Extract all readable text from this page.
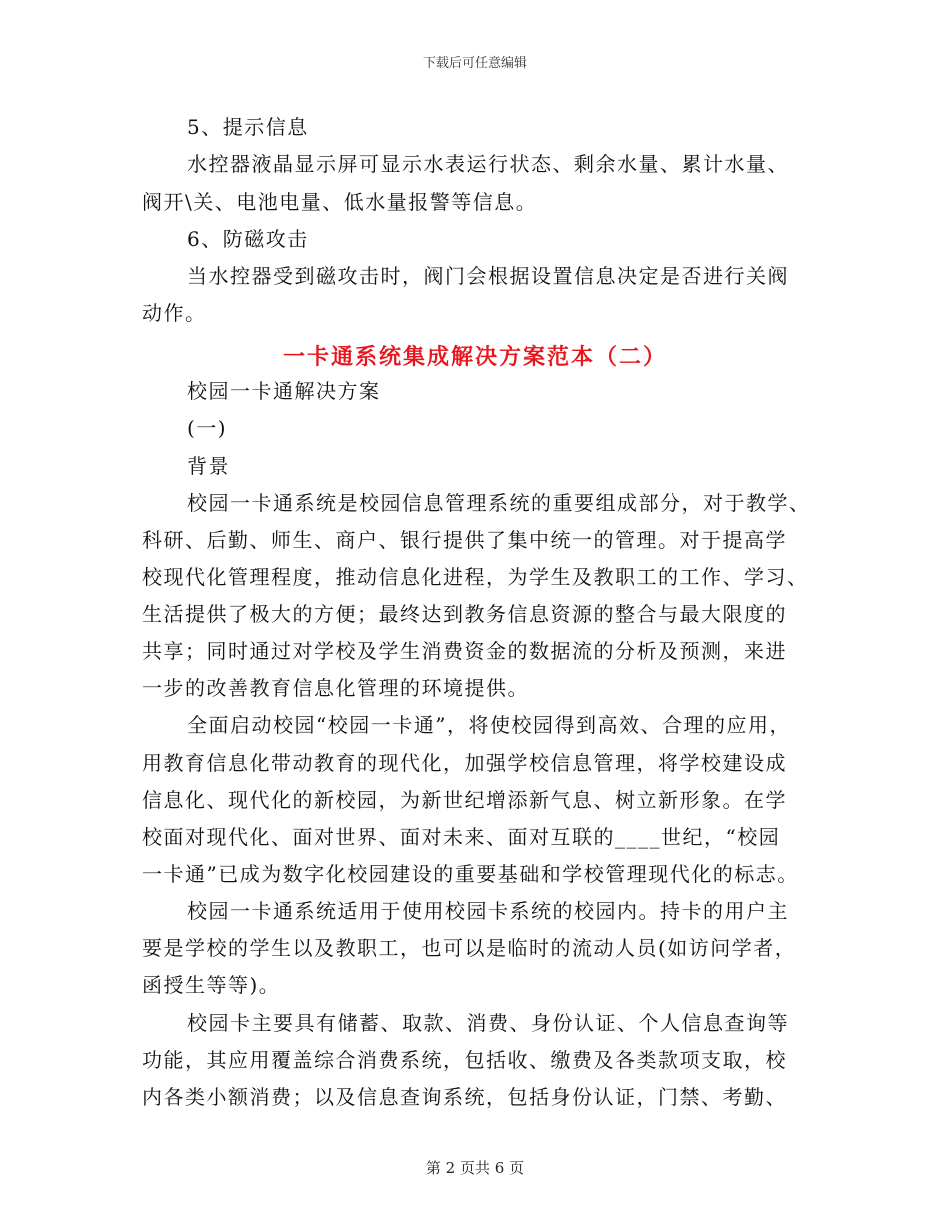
下载后可任意编辑
5、提示信息
水控器液晶显示屏可显示水表运行状态、剩余水量、累计水量、
阀开\关、电池电量、低水量报警等信息。
6、防磁攻击
当水控器受到磁攻击时，阀门会根据设置信息决定是否进行关阀
动作。
一卡通系统集成解决方案范本（二）
校园一卡通解决方案
(一)
背景
校园一卡通系统是校园信息管理系统的重要组成部分，对于教学、
科研、后勤、师生、商户、银行提供了集中统一的管理。对于提高学
校现代化管理程度，推动信息化进程，为学生及教职工的工作、学习、
生活提供了极大的方便；最终达到教务信息资源的整合与最大限度的
共享；同时通过对学校及学生消费资金的数据流的分析及预测，来进
一步的改善教育信息化管理的环境提供。
全面启动校园“校园一卡通”，将使校园得到高效、合理的应用，
用教育信息化带动教育的现代化，加强学校信息管理，将学校建设成
信息化、现代化的新校园，为新世纪增添新气息、树立新形象。在学
校面对现代化、面对世界、面对未来、面对互联的____世纪，“校园
一卡通”已成为数字化校园建设的重要基础和学校管理现代化的标志。
校园一卡通系统适用于使用校园卡系统的校园内。持卡的用户主
要是学校的学生以及教职工，也可以是临时的流动人员(如访问学者，
函授生等等)。
校园卡主要具有储蓄、取款、消费、身份认证、个人信息查询等
功能，其应用覆盖综合消费系统，包括收、缴费及各类款项支取，校
内各类小额消费；以及信息查询系统，包括身份认证，门禁、考勤、
第 2 页共 6 页
